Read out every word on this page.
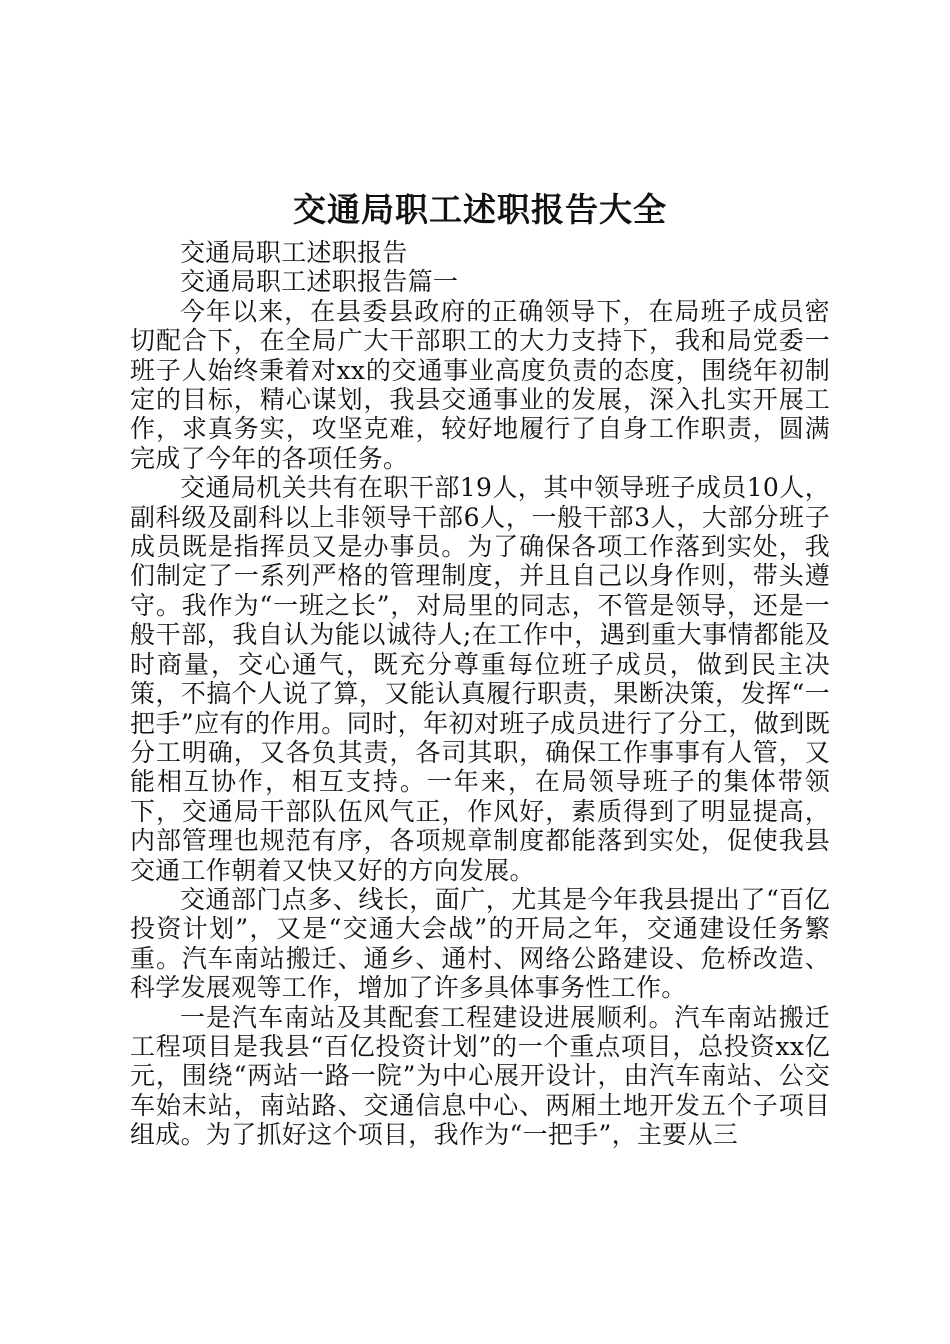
交通局职工述职报告大全

交通局职工述职报告

交通局职工述职报告篇一

今年以来，在县委县政府的正确领导下，在局班子成员密切配合下，在全局广大干部职工的大力支持下，我和局党委一班子人始终秉着对xx的交通事业高度负责的态度，围绕年初制定的目标，精心谋划，我县交通事业的发展，深入扎实开展工作，求真务实，攻坚克难，较好地履行了自身工作职责，圆满完成了今年的各项任务。

交通局机关共有在职干部19人，其中领导班子成员10人，副科级及副科以上非领导干部6人，一般干部3人，大部分班子成员既是指挥员又是办事员。为了确保各项工作落到实处，我们制定了一系列严格的管理制度，并且自己以身作则，带头遵守。我作为“一班之长”，对局里的同志，不管是领导，还是一般干部，我自认为能以诚待人;在工作中，遇到重大事情都能及时商量，交心通气，既充分尊重每位班子成员，做到民主决策，不搞个人说了算，又能认真履行职责，果断决策，发挥“一把手”应有的作用。同时，年初对班子成员进行了分工，做到既分工明确，又各负其责，各司其职，确保工作事事有人管，又能相互协作，相互支持。一年来，在局领导班子的集体带领下，交通局干部队伍风气正，作风好，素质得到了明显提高，内部管理也规范有序，各项规章制度都能落到实处，促使我县交通工作朝着又快又好的方向发展。

交通部门点多、线长，面广，尤其是今年我县提出了“百亿投资计划”，又是“交通大会战”的开局之年，交通建设任务繁重。汽车南站搬迁、通乡、通村、网络公路建设、危桥改造、科学发展观等工作，增加了许多具体事务性工作。

一是汽车南站及其配套工程建设进展顺利。汽车南站搬迁工程项目是我县“百亿投资计划”的一个重点项目，总投资xx亿元，围绕“两站一路一院”为中心展开设计，由汽车南站、公交车始末站，南站路、交通信息中心、两厢土地开发五个子项目组成。为了抓好这个项目，我作为“一把手”，主要从三
